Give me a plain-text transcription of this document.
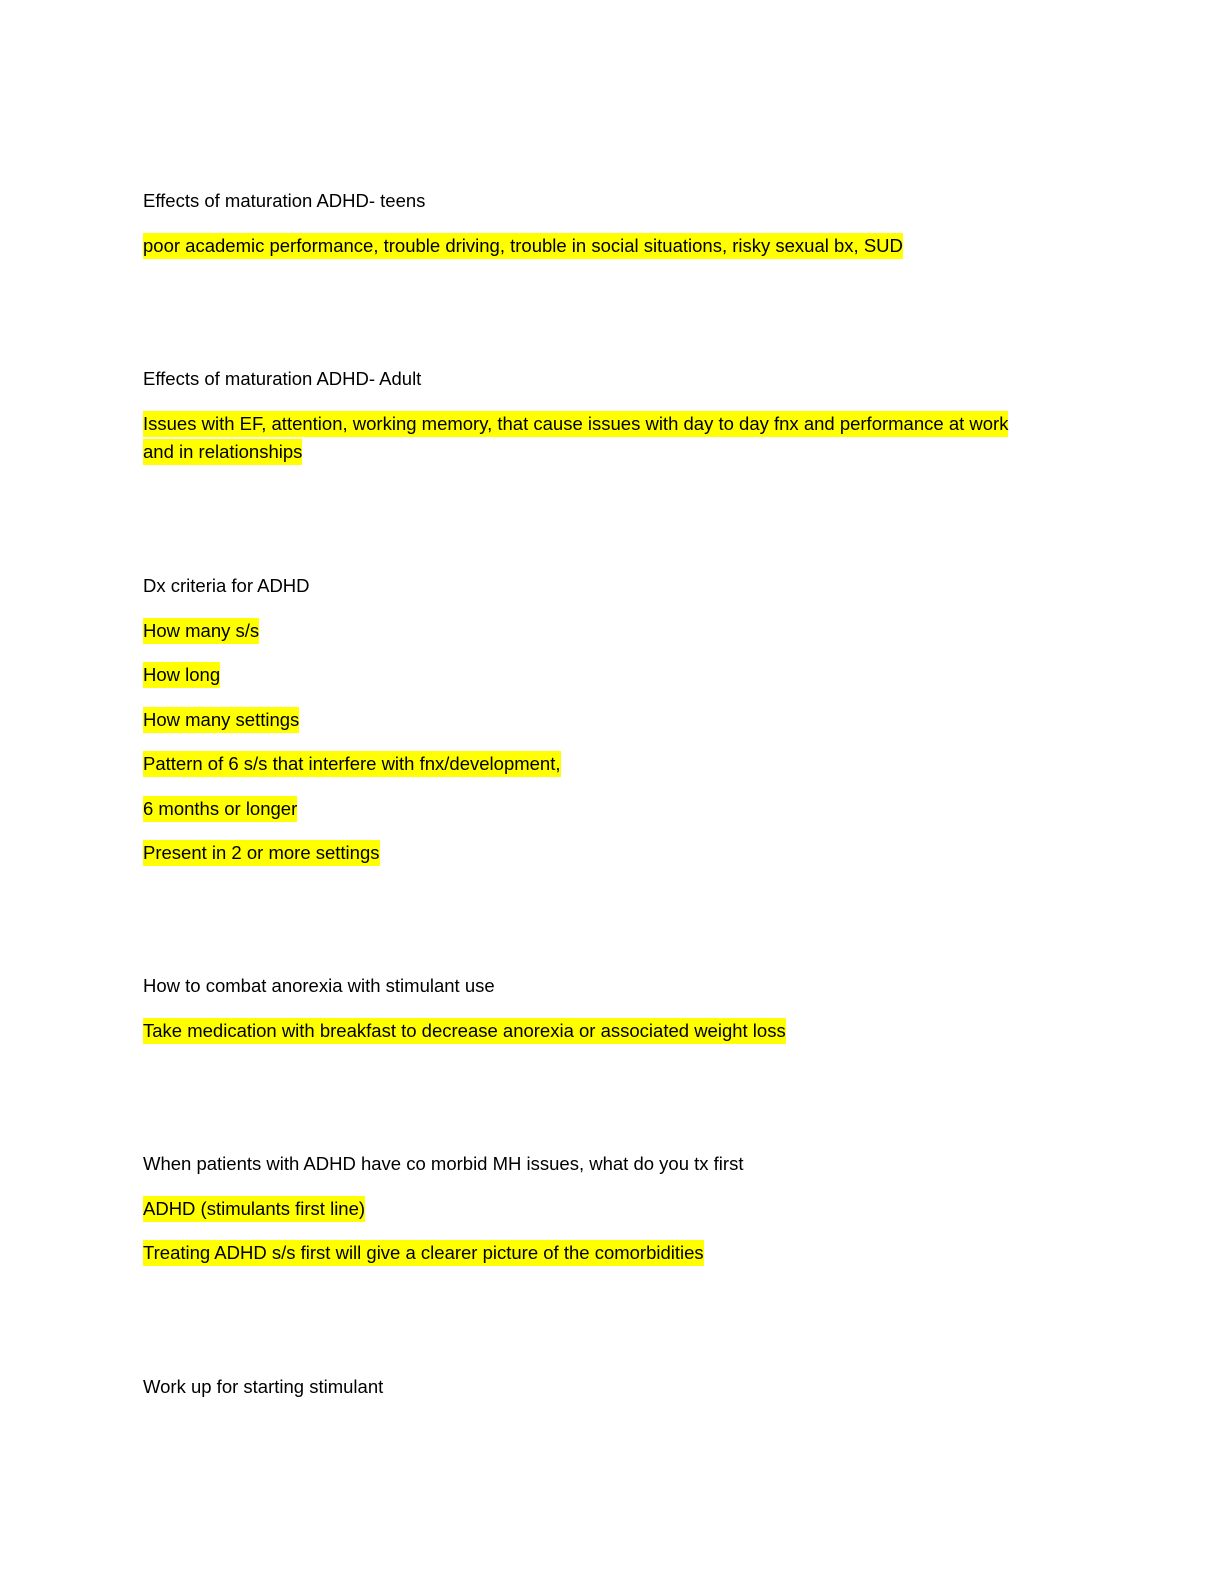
Effects of maturation ADHD- teens

poor academic performance, trouble driving, trouble in social situations, risky sexual bx, SUD

Effects of maturation ADHD- Adult

Issues with EF, attention, working memory, that cause issues with day to day fnx and performance at work and in relationships

Dx criteria for ADHD

How many s/s

How long

How many settings

Pattern of 6 s/s that interfere with fnx/development,

6 months or longer

Present in 2 or more settings

How to combat anorexia with stimulant use

Take medication with breakfast to decrease anorexia or associated weight loss

When patients with ADHD have co morbid MH issues, what do you tx first

ADHD (stimulants first line)

Treating ADHD s/s first will give a clearer picture of the comorbidities

Work up for starting stimulant
